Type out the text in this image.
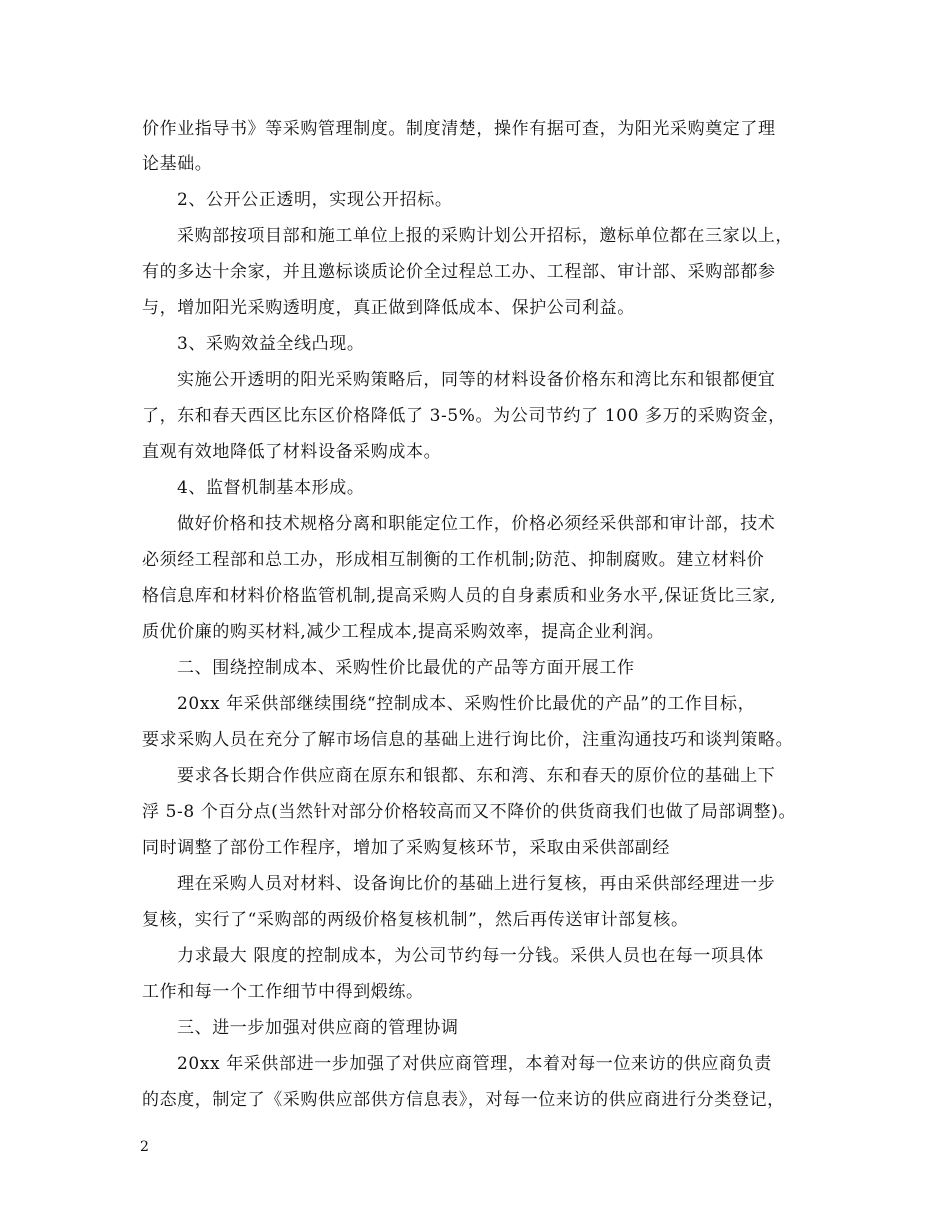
价作业指导书》等采购管理制度。制度清楚，操作有据可查，为阳光采购奠定了理
论基础。
2、公开公正透明，实现公开招标。
采购部按项目部和施工单位上报的采购计划公开招标，邀标单位都在三家以上，
有的多达十余家，并且邀标谈质论价全过程总工办、工程部、审计部、采购部都参
与，增加阳光采购透明度，真正做到降低成本、保护公司利益。
3、采购效益全线凸现。
实施公开透明的阳光采购策略后，同等的材料设备价格东和湾比东和银都便宜
了，东和春天西区比东区价格降低了 3-5%。为公司节约了 100 多万的采购资金，
直观有效地降低了材料设备采购成本。
4、监督机制基本形成。
做好价格和技术规格分离和职能定位工作，价格必须经采供部和审计部，技术
必须经工程部和总工办，形成相互制衡的工作机制;防范、抑制腐败。建立材料价
格信息库和材料价格监管机制,提高采购人员的自身素质和业务水平,保证货比三家,
质优价廉的购买材料,减少工程成本,提高采购效率，提高企业利润。
二、围绕控制成本、采购性价比最优的产品等方面开展工作
20xx 年采供部继续围绕“控制成本、采购性价比最优的产品”的工作目标，
要求采购人员在充分了解市场信息的基础上进行询比价，注重沟通技巧和谈判策略。
要求各长期合作供应商在原东和银都、东和湾、东和春天的原价位的基础上下
浮 5-8 个百分点(当然针对部分价格较高而又不降价的供货商我们也做了局部调整)。
同时调整了部份工作程序，增加了采购复核环节，采取由采供部副经
理在采购人员对材料、设备询比价的基础上进行复核，再由采供部经理进一步
复核，实行了“采购部的两级价格复核机制”，然后再传送审计部复核。
力求最大 限度的控制成本，为公司节约每一分钱。采供人员也在每一项具体
工作和每一个工作细节中得到煅练。
三、进一步加强对供应商的管理协调
20xx 年采供部进一步加强了对供应商管理，本着对每一位来访的供应商负责
的态度，制定了《采购供应部供方信息表》，对每一位来访的供应商进行分类登记，
2
